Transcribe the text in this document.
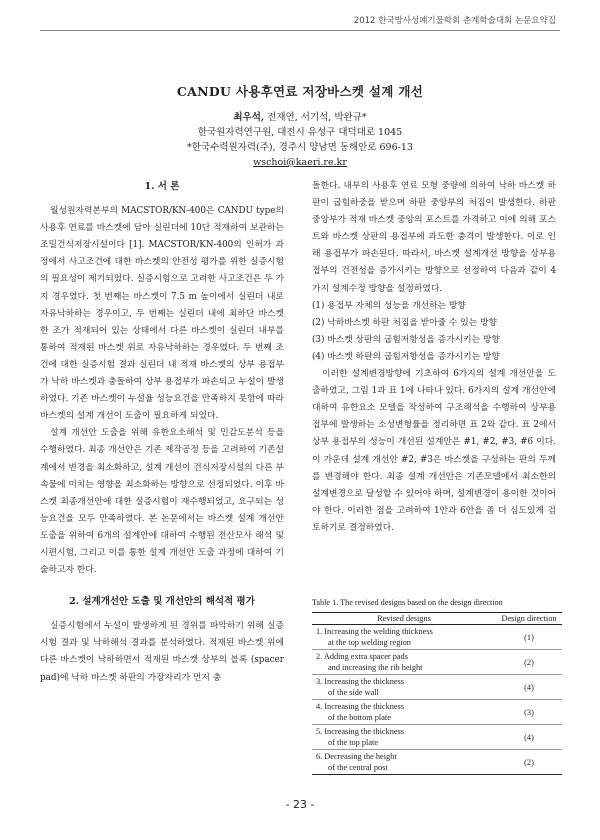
2012 한국방사성폐기물학회 춘계학술대회 논문요약집
CANDU 사용후연료 저장바스켓 설계 개선
최우석, 전재연, 서기석, 박완규*
한국원자력연구원, 대전시 유성구 대덕대로 1045
*한국수력원자력(주), 경주시 양남면 동해안로 696-13
wschoi@kaeri.re.kr
1. 서 론

월성원자력본부의 MACSTOR/KN-400은 CANDU type의 사용후 연료를 바스켓에 담아 실린더에 10단 적재하여 보관하는 조밀건식저장시설이다 [1]. MACSTOR/KN-400의 인허가 과정에서 사고조건에 대한 바스켓의 안전성 평가를 위한 실증시험의 필요성이 제기되었다. 실증시험으로 고려한 사고조건은 두 가지 경우였다. 첫 번째는 바스켓이 7.5 m 높이에서 실린더 내로 자유낙하하는 경우이고, 두 번째는 실린더 내에 최하단 바스켓 한 조가 적재되어 있는 상태에서 다른 바스켓이 실린더 내부를 통하여 적재된 바스켓 위로 자유낙하하는 경우였다. 두 번째 조건에 대한 실증시험 결과 실린더 내 적재 바스켓의 상부 용접부가 낙하 바스켓과 충돌하여 상부 용접부가 파손되고 누설이 발생하였다. 기존 바스켓이 누설율 성능요건을 만족하지 못함에 따라 바스켓의 설계 개선이 도출이 필요하게 되었다.

설계 개선안 도출을 위해 유한요소해석 및 민감도분석 등을 수행하였다. 최종 개선안은 기존 제작공정 등을 고려하여 기존설계에서 변경을 최소화하고, 설계 개선이 건식저장시설의 다른 부속물에 미치는 영향을 최소화하는 방향으로 선정되었다. 이후 바스켓 최종개선안에 대한 실증시험이 재수행되었고, 요구되는 성능요건을 모두 만족하였다. 본 논문에서는 바스켓 설계 개선안 도출을 위하여 6개의 설계안에 대하여 수행된 전산모사 해석 및 시편시험, 그리고 이를 통한 설계 개선안 도출 과정에 대하여 기술하고자 한다.

2. 설계개선안 도출 및 개선안의 해석적 평가

실증시험에서 누설이 발생하게 된 경위를 파악하기 위해 실증시험 결과 및 낙하해석 결과를 분석하였다. 적재된 바스켓 위에 다른 바스켓이 낙하하면서 적재된 바스켓 상부의 블록 (spacer pad)에 낙하 바스켓 하판의 가장자리가 먼저 충

돌한다. 내부의 사용후 연료 모형 중량에 의하여 낙하 바스켓 하판이 굽힘하중을 받으며 하판 중앙부의 처짐이 발생한다. 하판 중앙부가 적재 바스켓 중앙의 포스트를 가격하고 이에 의해 포스트와 바스켓 상판의 용접부에 과도한 충격이 발생한다. 이로 인해 용접부가 파손된다. 따라서, 바스켓 설계개선 방향을 상부용접부의 건전성을 증가시키는 방향으로 선정하여 다음과 같이 4 가지 설계수정 방향을 설정하였다.

(1) 용접부 자체의 성능을 개선하는 방향
(2) 낙하바스켓 하판 처짐을 받아줄 수 있는 방향
(3) 바스켓 상판의 굽힘저항성을 증가시키는 방향
(4) 바스켓 하판의 굽힘저항성을 증가시키는 방향

이러한 설계변경방향에 기초하여 6가지의 설계 개선안을 도출하였고, 그림 1과 표 1에 나타나 있다. 6가지의 설계 개선안에 대하여 유한요소 모델을 작성하여 구조해석을 수행하여 상부용접부에 발생하는 소성변형률을 정리하면 표 2와 같다. 표 2에서 상부 용접부의 성능이 개선된 설계안은 #1, #2, #3, #6 이다. 이 가운데 설계 개선안 #2, #3은 바스켓을 구성하는 판의 두께를 변경해야 한다. 최종 설계 개선안은 기존모델에서 최소한의 설계변경으로 달성할 수 있어야 하며, 설계변경이 용이한 것이어야 한다. 이러한 점을 고려하여 1안과 6안을 좀 더 심도있게 검토하기로 결정하였다.

Table 1. The revised designs based on the design direction
Revised designs	Design direction

1. Increasing the welding thickness
at the top welding region	(1)

2. Adding extra spacer pads
and increasing the rib height	(2)

3. Increasing the thickness
of the side wall	(4)

4. Increasing the thickness
of the bottom plate	(3)

5. Increasing the thickness
of the top plate	(4)

6. Decreasing the height
of the central post	(2)
- 23 -
